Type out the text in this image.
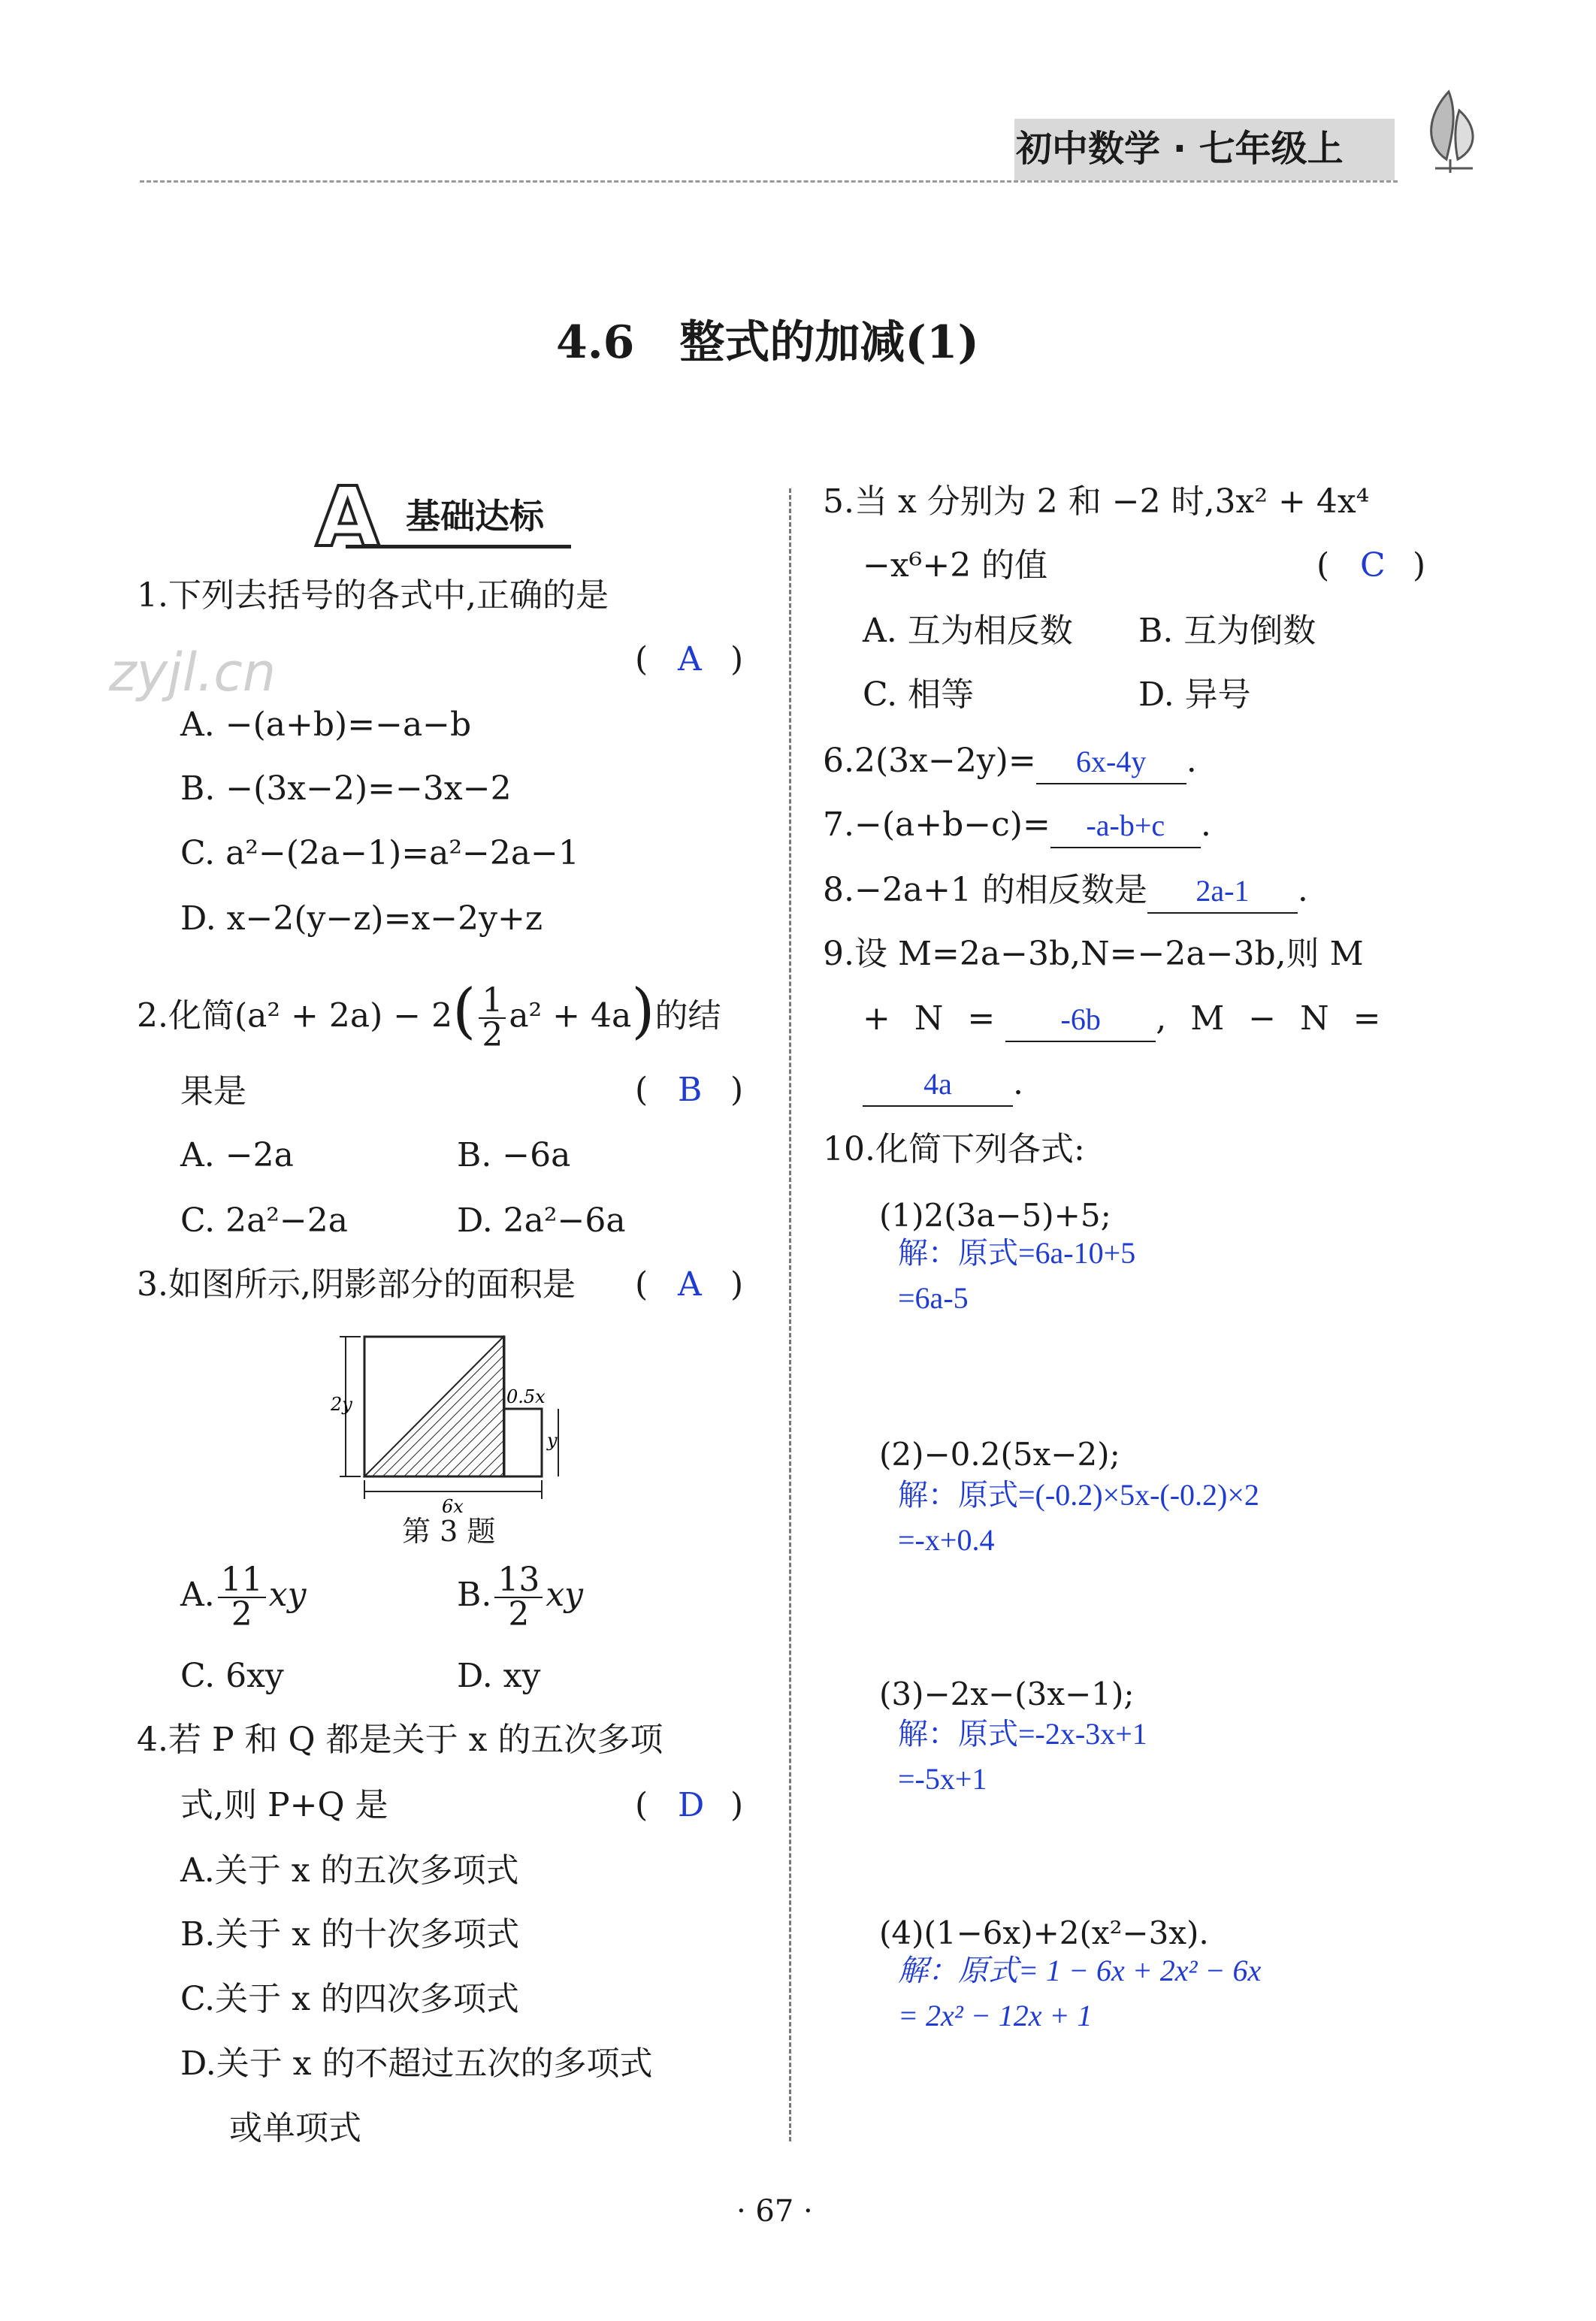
初中数学 · 七年级上
4.6　整式的加减(1)
zyjl.cn
A 基础达标
1.下列去括号的各式中,正确的是
( A )
A. −(a+b)=−a−b
B. −(3x−2)=−3x−2
C. a²−(2a−1)=a²−2a−1
D. x−2(y−z)=x−2y+z
2.化简$(a^2 + 2a) - 2( \frac{1}{2} a^2 + 4a)$的结
果是	( B )
A. −2a	B. −6a
C. 2a²−2a	D. 2a²−6a
3.如图所示,阴影部分的面积是 ( A )
2y	0.5x
y
6x
第 3 题
A. $\frac{11}{2}$ xy	B. $\frac{13}{2}$ xy
C. 6xy	D. xy
4.若 P 和 Q 都是关于 x 的五次多项
式,则 P+Q 是	( D )
A.关于 x 的五次多项式
B.关于 x 的十次多项式
C.关于 x 的四次多项式
D.关于 x 的不超过五次的多项式
或单项式
5.当 x 分别为 2 和 −2 时,3x² + 4x⁴
−x⁶+2 的值	( C )
A. 互为相反数 B. 互为倒数
C. 相等	D. 异号
6.2(3x−2y)= 6x-4y .
7.−(a+b−c)= -a-b+c .
8.−2a+1 的相反数是 2a-1 .
9.设 M=2a−3b,N=−2a−3b,则 M
+ N = -6b , M − N =
4a .
10.化简下列各式:
(1)2(3a−5)+5;
解：原式=6a-10+5
=6a-5
(2)−0.2(5x−2);
解：原式=(-0.2)×5x-(-0.2)×2
=-x+0.4
(3)−2x−(3x−1);
解：原式=-2x-3x+1
=-5x+1
(4)(1−6x)+2(x²−3x).
解：原式= 1 − 6x + 2x² − 6x
= 2x² − 12x + 1
· 67 ·
